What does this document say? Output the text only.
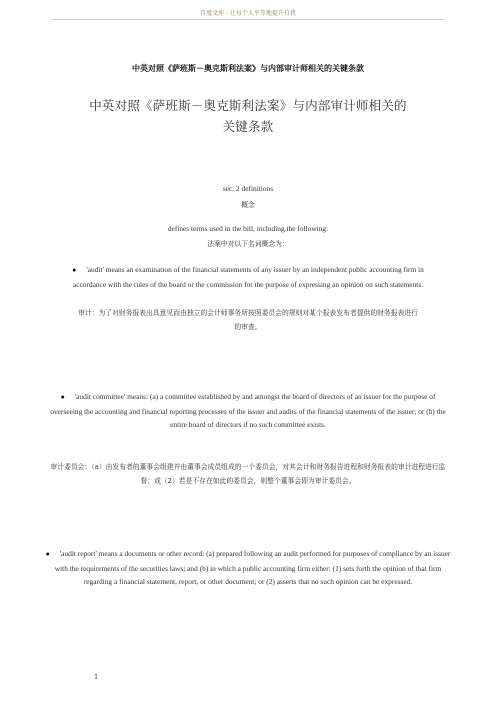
百度文库 - 让每个人平等地提升自我
中英对照《萨班斯－奥克斯利法案》与内部审计师相关的关键条款
中英对照《萨班斯－奥克斯利法案》与内部审计师相关的关键条款
sec. 2 definitions
概念
defines terms used in the bill, including the following:
法案中对以下名词概念为：
● 'audit' means an examination of the financial statements of any issuer by an independent public accounting firm in accordance with the rules of the board or the commission for the purpose of expressing an opinion on such statements.
审计：为了对财务报表出具意见而由独立的会计师事务所按照委员会的规则对某个报表发布者提供的财务报表进行的审查。
● 'audit committee' means: (a) a committee established by and amongst the board of directors of an issuer for the purpose of overseeing the accounting and financial reporting processes of the issuer and audits of the financial statements of the issuer; or (b) the entire board of directors if no such committee exists.
审计委员会：（a）由发布者的董事会组建并由董事会成员组成的一个委员会，对其会计和财务报告进程和财务报表的审计进程进行监督；或（2）若是不存在如此的委员会，则整个董事会即为审计委员会。
● 'audit report' means a documents or other record: (a) prepared following an audit performed for purposes of compliance by an issuer with the requirements of the securities laws; and (b) in which a public accounting firm either: (1) sets forth the opinion of that firm regarding a financial statement, report, or other document; or (2) asserts that no such opinion can be expressed.
1
